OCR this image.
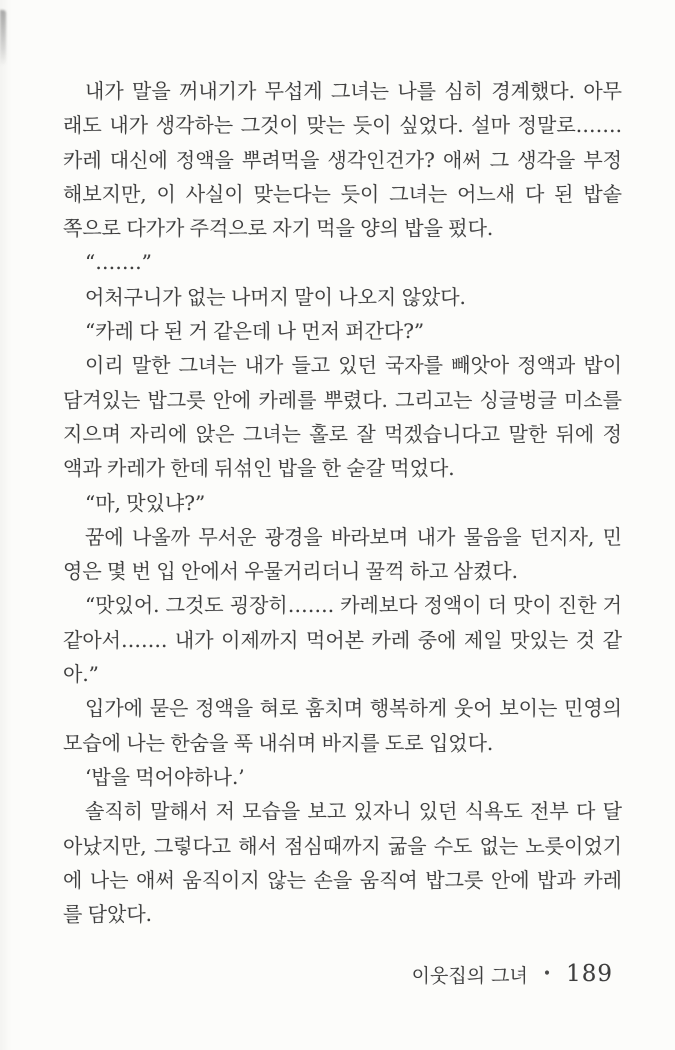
내가 말을 꺼내기가 무섭게 그녀는 나를 심히 경계했다. 아무
래도 내가 생각하는 그것이 맞는 듯이 싶었다. 설마 정말로…….
카레 대신에 정액을 뿌려먹을 생각인건가? 애써 그 생각을 부정
해보지만, 이 사실이 맞는다는 듯이 그녀는 어느새 다 된 밥솥
쪽으로 다가가 주걱으로 자기 먹을 양의 밥을 펐다.
“…….”
어처구니가 없는 나머지 말이 나오지 않았다.
“카레 다 된 거 같은데 나 먼저 퍼간다?”
이리 말한 그녀는 내가 들고 있던 국자를 빼앗아 정액과 밥이
담겨있는 밥그릇 안에 카레를 뿌렸다. 그리고는 싱글벙글 미소를
지으며 자리에 앉은 그녀는 홀로 잘 먹겠습니다고 말한 뒤에 정
액과 카레가 한데 뒤섞인 밥을 한 숟갈 먹었다.
“마, 맛있냐?”
꿈에 나올까 무서운 광경을 바라보며 내가 물음을 던지자, 민
영은 몇 번 입 안에서 우물거리더니 꿀꺽 하고 삼켰다.
“맛있어. 그것도 굉장히……. 카레보다 정액이 더 맛이 진한 거
같아서……. 내가 이제까지 먹어본 카레 중에 제일 맛있는 것 같
아.”
입가에 묻은 정액을 혀로 훔치며 행복하게 웃어 보이는 민영의
모습에 나는 한숨을 푹 내쉬며 바지를 도로 입었다.
‘밥을 먹어야하나.’
솔직히 말해서 저 모습을 보고 있자니 있던 식욕도 전부 다 달
아났지만, 그렇다고 해서 점심때까지 굶을 수도 없는 노릇이었기
에 나는 애써 움직이지 않는 손을 움직여 밥그릇 안에 밥과 카레
를 담았다.
이웃집의 그녀 • 189
